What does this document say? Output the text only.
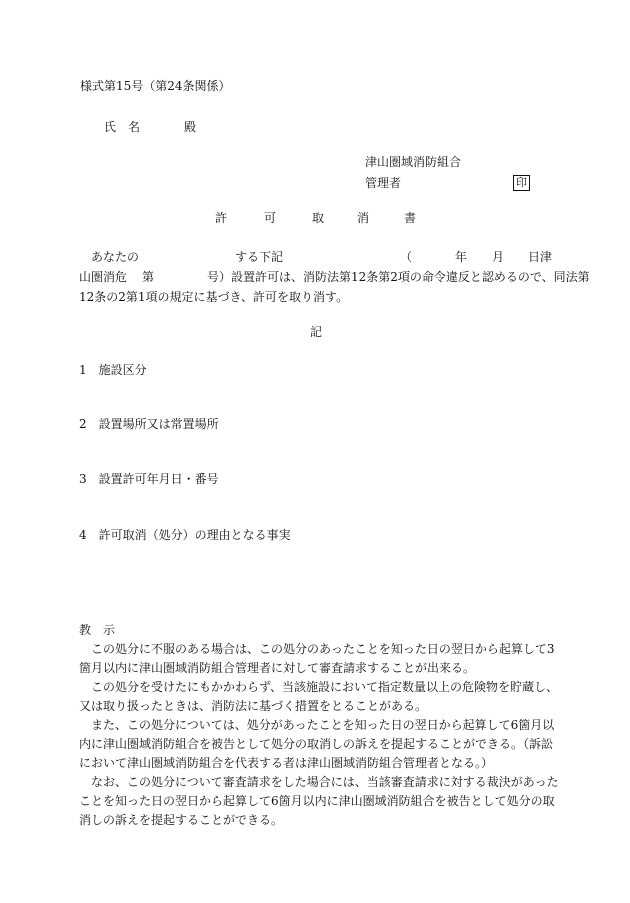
様式第15号（第24条関係）
氏　名	殿
津山圏域消防組合
管理者	印
許	可	取	消	書
あなたの	する下記	（	年 月 日津
山圏消危 第	号）設置許可は、消防法第12条第2項の命令違反と認めるので、同法第
12条の2第1項の規定に基づき、許可を取り消す。
記
1　施設区分
2　設置場所又は常置場所
3　設置許可年月日・番号
4　許可取消（処分）の理由となる事実
教　示
この処分に不服のある場合は、この処分のあったことを知った日の翌日から起算して3
箇月以内に津山圏域消防組合管理者に対して審査請求することが出来る。
この処分を受けたにもかかわらず、当該施設において指定数量以上の危険物を貯蔵し、
又は取り扱ったときは、消防法に基づく措置をとることがある。
また、この処分については、処分があったことを知った日の翌日から起算して6箇月以
内に津山圏域消防組合を被告として処分の取消しの訴えを提起することができる。（訴訟
において津山圏域消防組合を代表する者は津山圏域消防組合管理者となる。）
なお、この処分について審査請求をした場合には、当該審査請求に対する裁決があった
ことを知った日の翌日から起算して6箇月以内に津山圏域消防組合を被告として処分の取
消しの訴えを提起することができる。
